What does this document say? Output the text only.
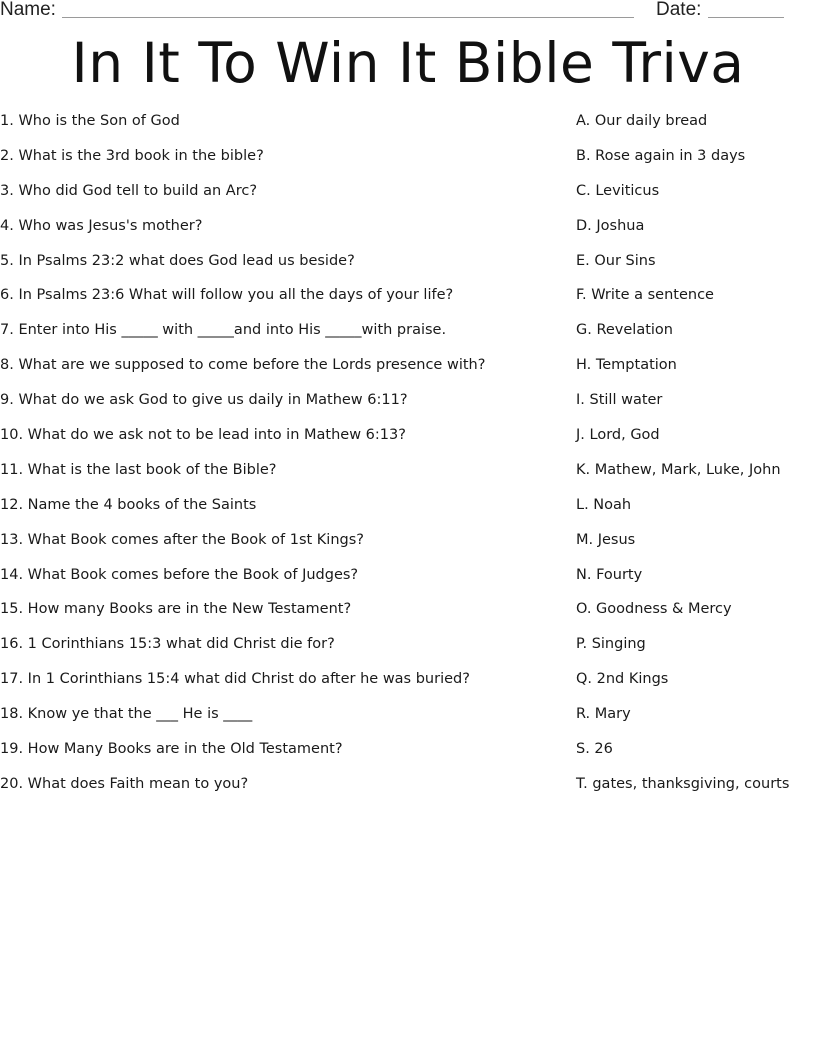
Name:	Date:
In It To Win It Bible Triva
1. Who is the Son of God
2. What is the 3rd book in the bible?
3. Who did God tell to build an Arc?
4. Who was Jesus's mother?
5. In Psalms 23:2 what does God lead us beside?
6. In Psalms 23:6 What will follow you all the days of your life?
7. Enter into His _____ with _____and into His _____with praise.
8. What are we supposed to come before the Lords presence with?
9. What do we ask God to give us daily in Mathew 6:11?
10. What do we ask not to be lead into in Mathew 6:13?
11. What is the last book of the Bible?
12. Name the 4 books of the Saints
13. What Book comes after the Book of 1st Kings?
14. What Book comes before the Book of Judges?
15. How many Books are in the New Testament?
16. 1 Corinthians 15:3 what did Christ die for?
17. In 1 Corinthians 15:4 what did Christ do after he was buried?
18. Know ye that the ___ He is ____
19. How Many Books are in the Old Testament?
20. What does Faith mean to you?
A. Our daily bread
B. Rose again in 3 days
C. Leviticus
D. Joshua
E. Our Sins
F. Write a sentence
G. Revelation
H. Temptation
I. Still water
J. Lord, God
K. Mathew, Mark, Luke, John
L. Noah
M. Jesus
N. Fourty
O. Goodness & Mercy
P. Singing
Q. 2nd Kings
R. Mary
S. 26
T. gates, thanksgiving, courts
